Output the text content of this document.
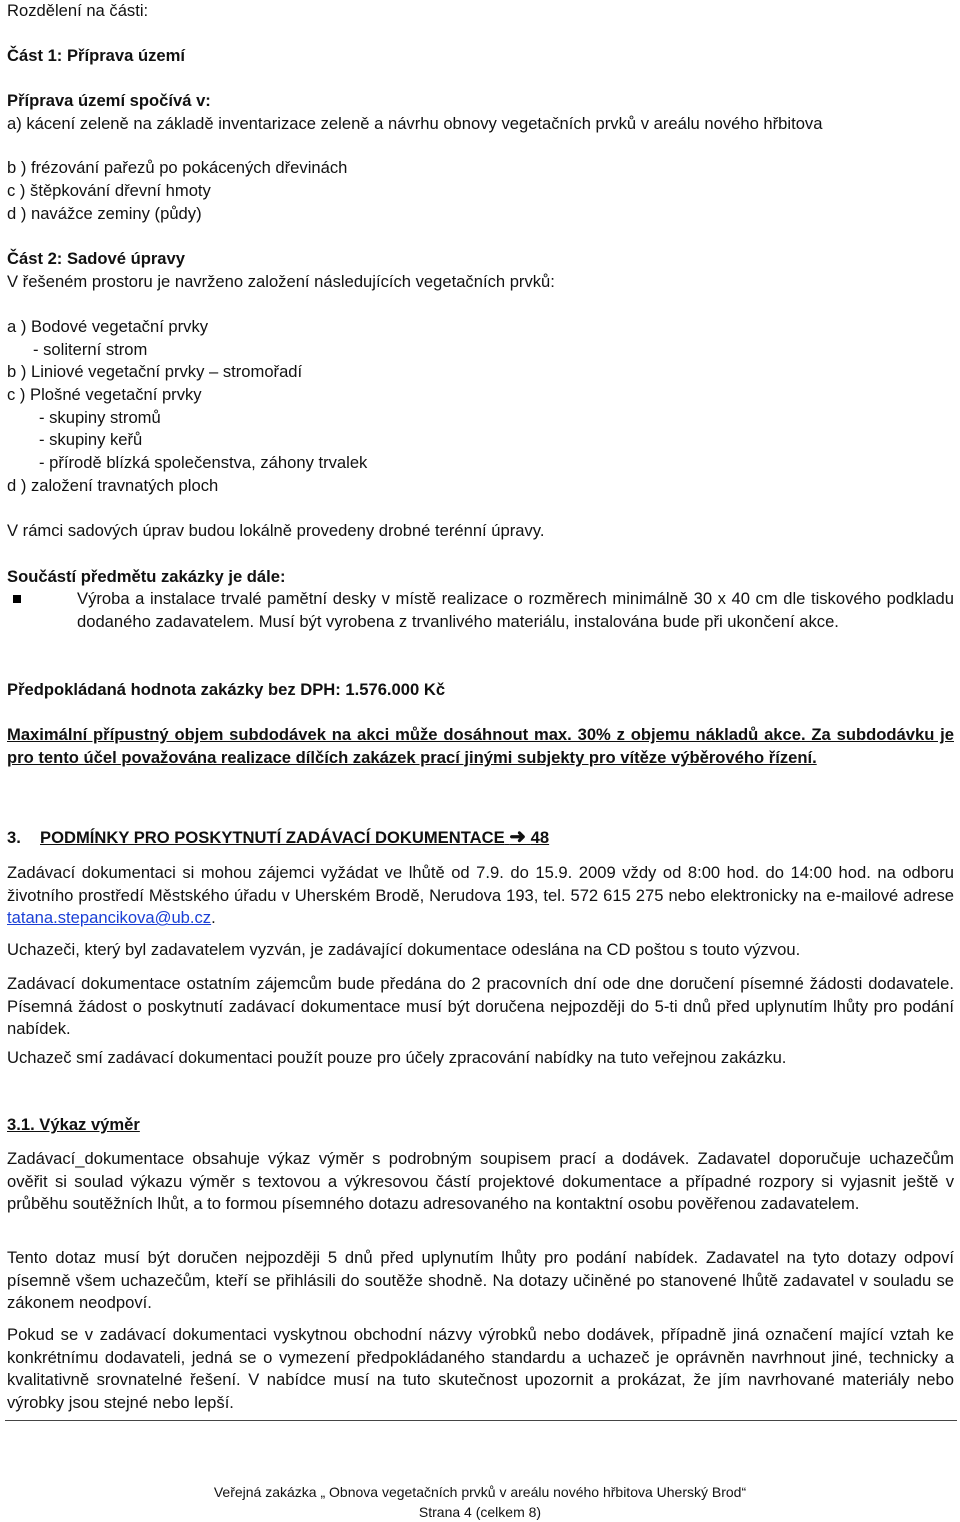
Rozdělení na části:

Část 1: Příprava území

Příprava území spočívá v:

a) kácení zeleně na základě inventarizace zeleně a návrhu obnovy vegetačních prvků v areálu nového hřbitova

b ) frézování pařezů po pokácených dřevinách

c ) štěpkování dřevní hmoty

d ) navážce zeminy (půdy)

Část 2: Sadové úpravy

V řešeném prostoru je navrženo založení následujících vegetačních prvků:

a ) Bodové vegetační prvky

- soliterní strom

b ) Liniové vegetační prvky – stromořadí

c ) Plošné vegetační prvky

- skupiny stromů

- skupiny keřů

- přírodě blízká společenstva, záhony trvalek

d ) založení travnatých ploch

V rámci sadových úprav budou lokálně provedeny drobné terénní úpravy.

Součástí předmětu zakázky je dále:

Výroba a instalace trvalé pamětní desky v místě realizace o rozměrech minimálně 30 x 40 cm dle tiskového podkladu dodaného zadavatelem. Musí být vyrobena z trvanlivého materiálu, instalována bude při ukončení akce.

Předpokládaná hodnota zakázky bez DPH: 1.576.000 Kč

Maximální přípustný objem subdodávek na akci může dosáhnout max. 30% z objemu nákladů akce. Za subdodávku je pro tento účel považována realizace dílčích zakázek prací jinými subjekty pro vítěze výběrového řízení.

3. PODMÍNKY PRO POSKYTNUTÍ ZADÁVACÍ DOKUMENTACE ➜ 48

Zadávací dokumentaci si mohou zájemci vyžádat ve lhůtě od 7.9. do 15.9. 2009 vždy od 8:00 hod. do 14:00 hod. na odboru životního prostředí Městského úřadu v Uherském Brodě, Nerudova 193, tel. 572 615 275 nebo elektronicky na e-mailové adrese tatana.stepancikova@ub.cz.

Uchazeči, který byl zadavatelem vyzván, je zadávající dokumentace odeslána na CD poštou s touto výzvou.

Zadávací dokumentace ostatním zájemcům bude předána do 2 pracovních dní ode dne doručení písemné žádosti dodavatele. Písemná žádost o poskytnutí zadávací dokumentace musí být doručena nejpozději do 5-ti dnů před uplynutím lhůty pro podání nabídek.

Uchazeč smí zadávací dokumentaci použít pouze pro účely zpracování nabídky na tuto veřejnou zakázku.

3.1. Výkaz výměr

Zadávací_dokumentace obsahuje výkaz výměr s podrobným soupisem prací a dodávek. Zadavatel doporučuje uchazečům ověřit si soulad výkazu výměr s textovou a výkresovou částí projektové dokumentace a případné rozpory si vyjasnit ještě v průběhu soutěžních lhůt, a to formou písemného dotazu adresovaného na kontaktní osobu pověřenou zadavatelem.

Tento dotaz musí být doručen nejpozději 5 dnů před uplynutím lhůty pro podání nabídek. Zadavatel na tyto dotazy odpoví písemně všem uchazečům, kteří se přihlásili do soutěže shodně. Na dotazy učiněné po stanovené lhůtě zadavatel v souladu se zákonem neodpoví.

Pokud se v zadávací dokumentaci vyskytnou obchodní názvy výrobků nebo dodávek, případně jiná označení mající vztah ke konkrétnímu dodavateli, jedná se o vymezení předpokládaného standardu a uchazeč je oprávněn navrhnout jiné, technicky a kvalitativně srovnatelné řešení. V nabídce musí na tuto skutečnost upozornit a prokázat, že jím navrhované materiály nebo výrobky jsou stejné nebo lepší.

Veřejná zakázka „ Obnova vegetačních prvků v areálu nového hřbitova Uherský Brod“

Strana 4 (celkem 8)
